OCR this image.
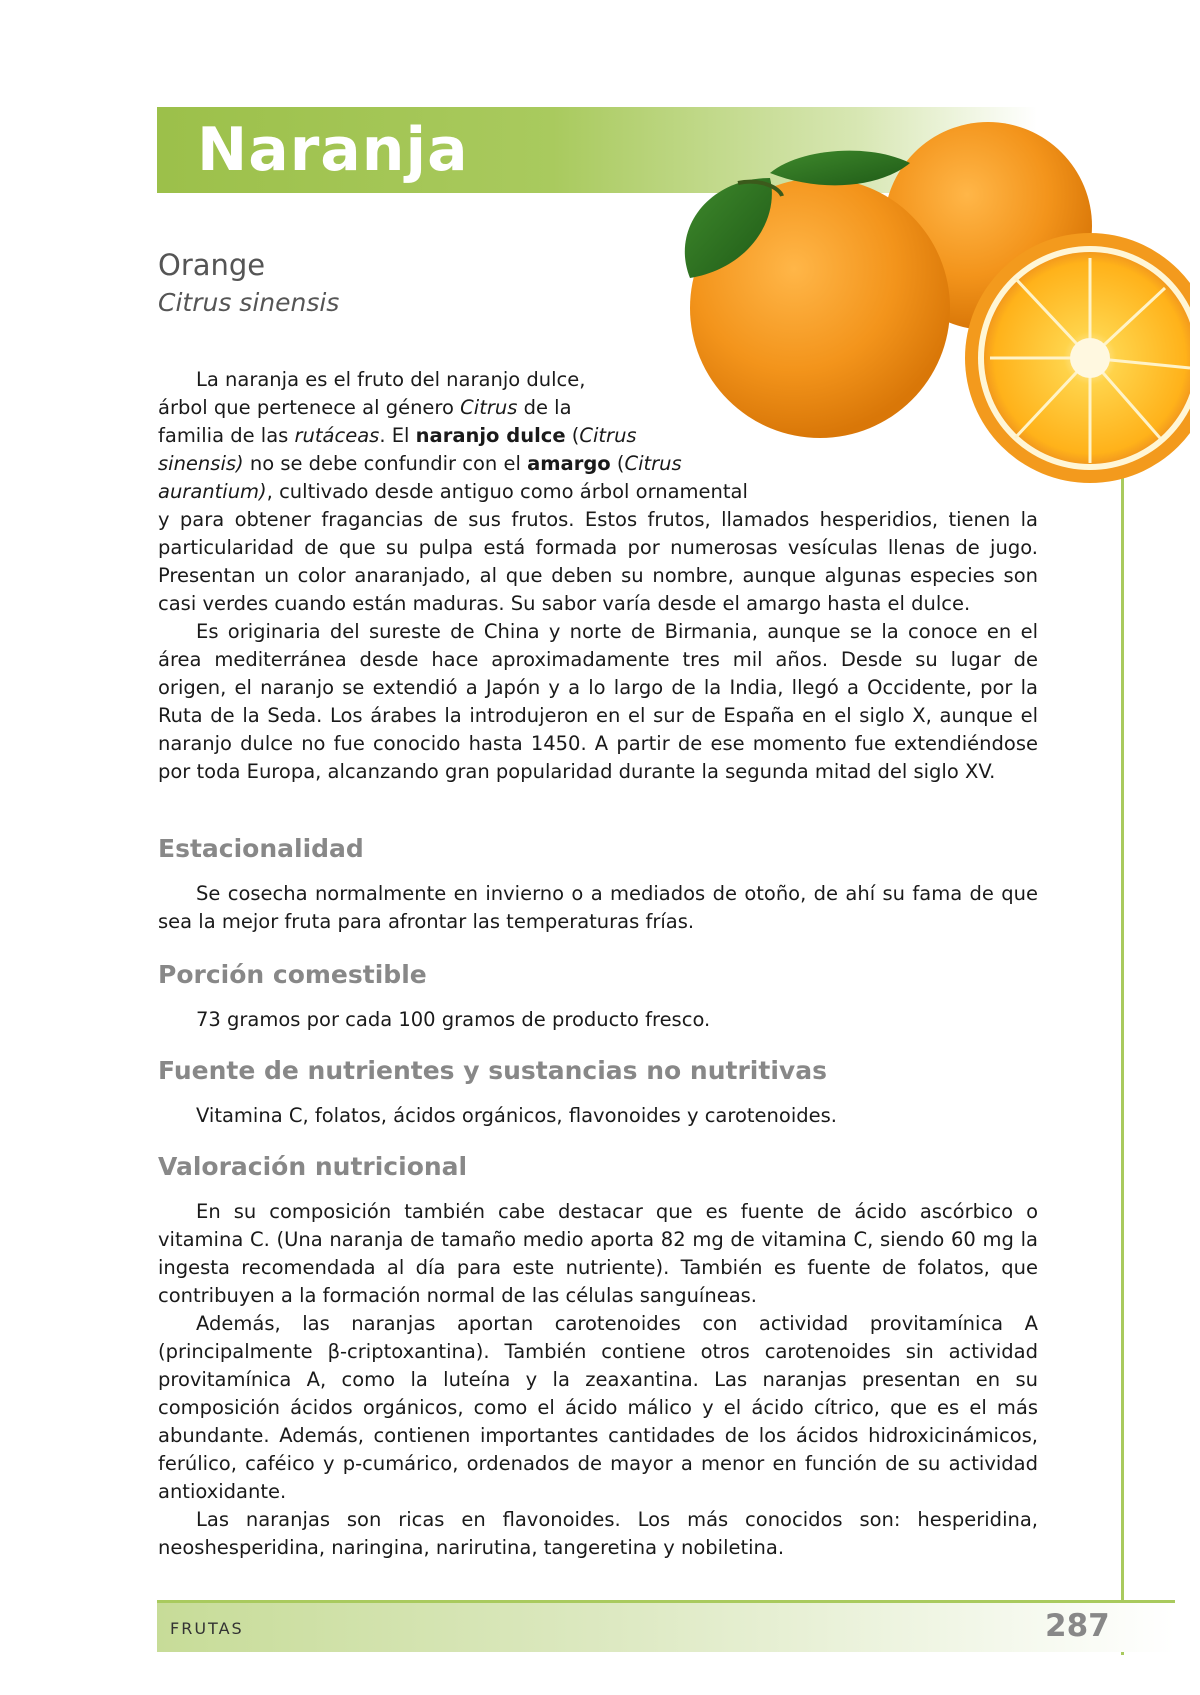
Naranja
Orange
Citrus sinensis
La naranja es el fruto del naranjo dulce,
árbol que pertenece al género Citrus de la
familia de las rutáceas. El naranjo dulce (Citrus
sinensis) no se debe confundir con el amargo (Citrus
aurantium), cultivado desde antiguo como árbol ornamental

y para obtener fragancias de sus frutos. Estos frutos, llamados hesperidios, tienen la particularidad de que su pulpa está formada por numerosas vesículas llenas de jugo. Presentan un color anaranjado, al que deben su nombre, aunque algunas especies son casi verdes cuando están maduras. Su sabor varía desde el amargo hasta el dulce.

Es originaria del sureste de China y norte de Birmania, aunque se la conoce en el área mediterránea desde hace aproximadamente tres mil años. Desde su lugar de origen, el naranjo se extendió a Japón y a lo largo de la India, llegó a Occidente, por la Ruta de la Seda. Los árabes la introdujeron en el sur de España en el siglo X, aunque el naranjo dulce no fue conocido hasta 1450. A partir de ese momento fue extendiéndose por toda Europa, alcanzando gran popularidad durante la segunda mitad del siglo XV.

Estacionalidad

Se cosecha normalmente en invierno o a mediados de otoño, de ahí su fama de que sea la mejor fruta para afrontar las temperaturas frías.

Porción comestible

73 gramos por cada 100 gramos de producto fresco.

Fuente de nutrientes y sustancias no nutritivas

Vitamina C, folatos, ácidos orgánicos, flavonoides y carotenoides.

Valoración nutricional

En su composición también cabe destacar que es fuente de ácido ascórbico o vitamina C. (Una naranja de tamaño medio aporta 82 mg de vitamina C, siendo 60 mg la ingesta recomendada al día para este nutriente). También es fuente de folatos, que contribuyen a la formación normal de las células sanguíneas.

Además, las naranjas aportan carotenoides con actividad provitamínica A (principalmente β-criptoxantina). También contiene otros carotenoides sin actividad provitamínica A, como la luteína y la zeaxantina. Las naranjas presentan en su composición ácidos orgánicos, como el ácido málico y el ácido cítrico, que es el más abundante. Además, contienen importantes cantidades de los ácidos hidroxicinámicos, ferúlico, caféico y p-cumárico, ordenados de mayor a menor en función de su actividad antioxidante.

Las naranjas son ricas en flavonoides. Los más conocidos son: hesperidina, neoshesperidina, naringina, narirutina, tangeretina y nobiletina.

FRUTAS	287
